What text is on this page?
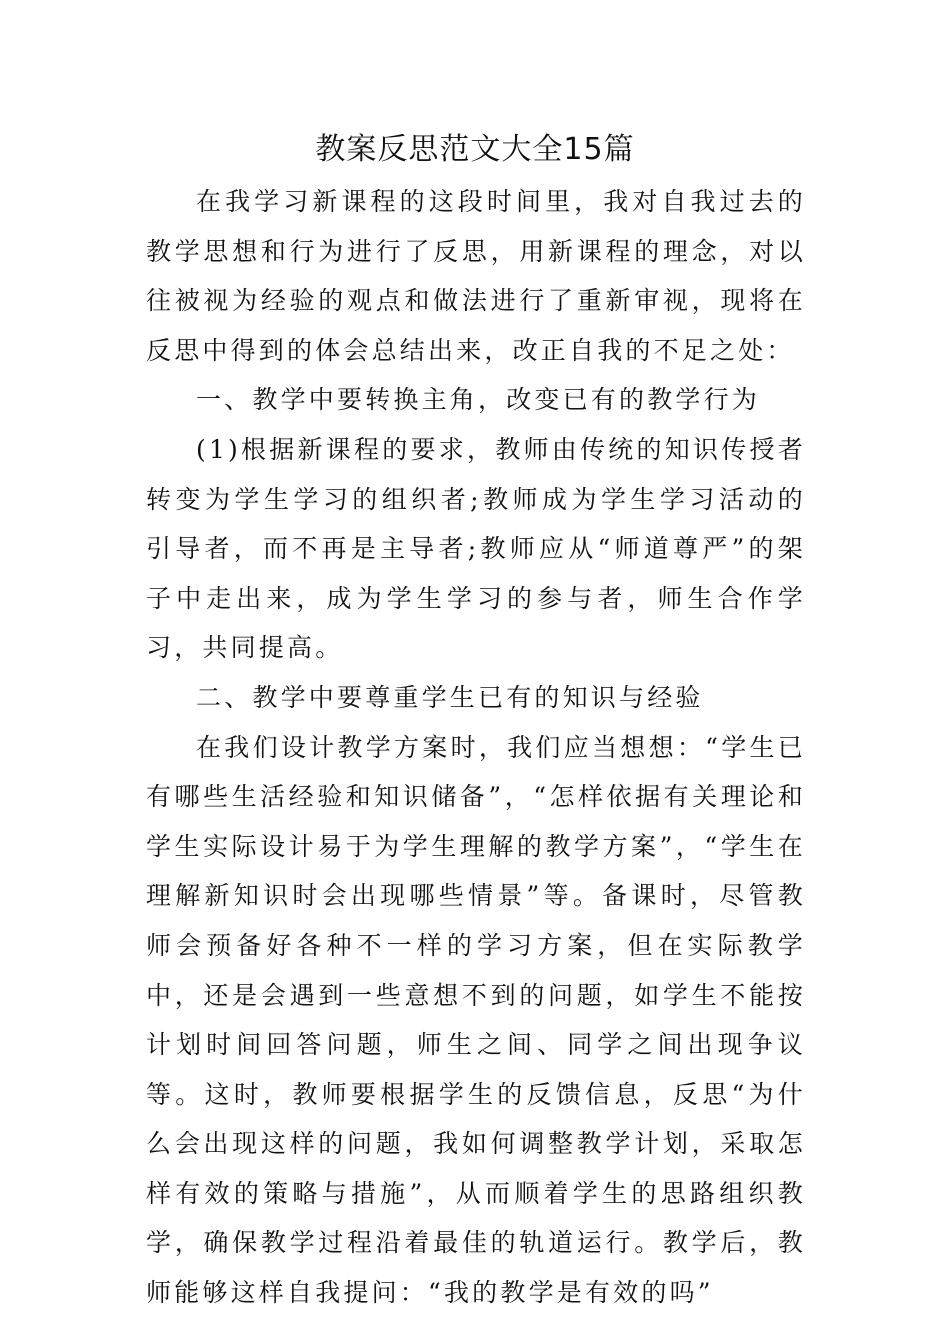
教案反思范文大全15篇

在我学习新课程的这段时间里，我对自我过去的教学思想和行为进行了反思，用新课程的理念，对以往被视为经验的观点和做法进行了重新审视，现将在反思中得到的体会总结出来，改正自我的不足之处：

一、教学中要转换主角，改变已有的教学行为

(1)根据新课程的要求，教师由传统的知识传授者转变为学生学习的组织者;教师成为学生学习活动的引导者，而不再是主导者;教师应从“师道尊严”的架子中走出来，成为学生学习的参与者，师生合作学习，共同提高。

二、教学中要尊重学生已有的知识与经验

在我们设计教学方案时，我们应当想想：“学生已有哪些生活经验和知识储备”，“怎样依据有关理论和学生实际设计易于为学生理解的教学方案”，“学生在理解新知识时会出现哪些情景”等。备课时，尽管教师会预备好各种不一样的学习方案，但在实际教学中，还是会遇到一些意想不到的问题，如学生不能按计划时间回答问题，师生之间、同学之间出现争议等。这时，教师要根据学生的反馈信息，反思“为什么会出现这样的问题，我如何调整教学计划，采取怎样有效的策略与措施”，从而顺着学生的思路组织教学，确保教学过程沿着最佳的轨道运行。教学后，教师能够这样自我提问：“我的教学是有效的吗”
